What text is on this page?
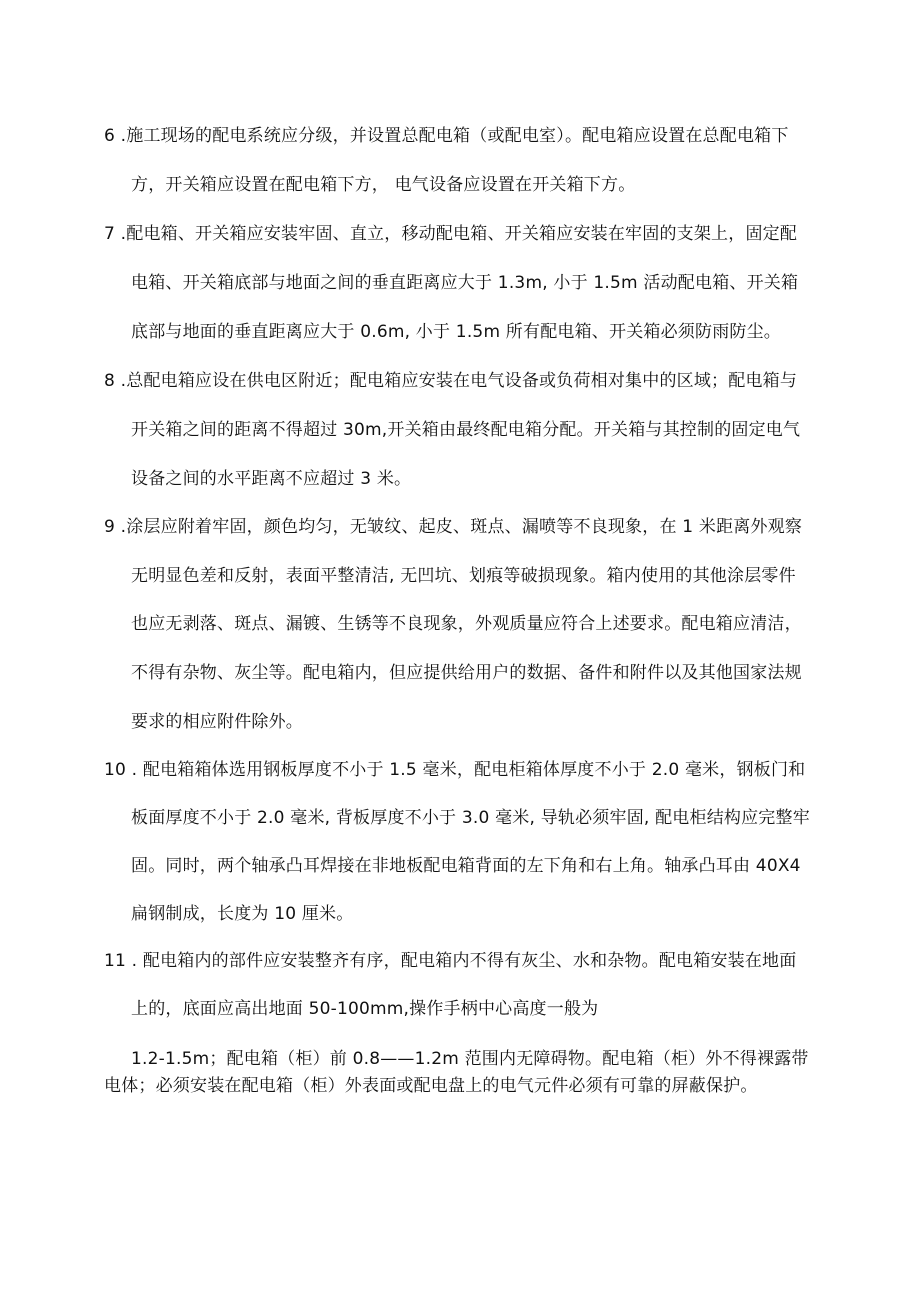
6 .施工现场的配电系统应分级，并设置总配电箱（或配电室）。配电箱应设置在总配电箱下
方，开关箱应设置在配电箱下方， 电气设备应设置在开关箱下方。
7 .配电箱、开关箱应安装牢固、直立，移动配电箱、开关箱应安装在牢固的支架上，固定配
电箱、开关箱底部与地面之间的垂直距离应大于 1.3m, 小于 1.5m 活动配电箱、开关箱
底部与地面的垂直距离应大于 0.6m, 小于 1.5m 所有配电箱、开关箱必须防雨防尘。
8 .总配电箱应设在供电区附近；配电箱应安装在电气设备或负荷相对集中的区域；配电箱与
开关箱之间的距离不得超过 30m,开关箱由最终配电箱分配。开关箱与其控制的固定电气
设备之间的水平距离不应超过 3 米。
9 .涂层应附着牢固，颜色均匀，无皱纹、起皮、斑点、漏喷等不良现象，在 1 米距离外观察
无明显色差和反射，表面平整清洁, 无凹坑、划痕等破损现象。箱内使用的其他涂层零件
也应无剥落、斑点、漏镀、生锈等不良现象，外观质量应符合上述要求。配电箱应清洁，
不得有杂物、灰尘等。配电箱内，但应提供给用户的数据、备件和附件以及其他国家法规
要求的相应附件除外。
10 . 配电箱箱体选用钢板厚度不小于 1.5 毫米，配电柜箱体厚度不小于 2.0 毫米，钢板门和
板面厚度不小于 2.0 毫米, 背板厚度不小于 3.0 毫米, 导轨必须牢固, 配电柜结构应完整牢
固。同时，两个轴承凸耳焊接在非地板配电箱背面的左下角和右上角。轴承凸耳由 40X4
扁钢制成，长度为 10 厘米。
11 . 配电箱内的部件应安装整齐有序，配电箱内不得有灰尘、水和杂物。配电箱安装在地面
上的，底面应高出地面 50-100mm,操作手柄中心高度一般为
1.2-1.5m；配电箱（柜）前 0.8——1.2m 范围内无障碍物。配电箱（柜）外不得裸露带
电体；必须安装在配电箱（柜）外表面或配电盘上的电气元件必须有可靠的屏蔽保护。
